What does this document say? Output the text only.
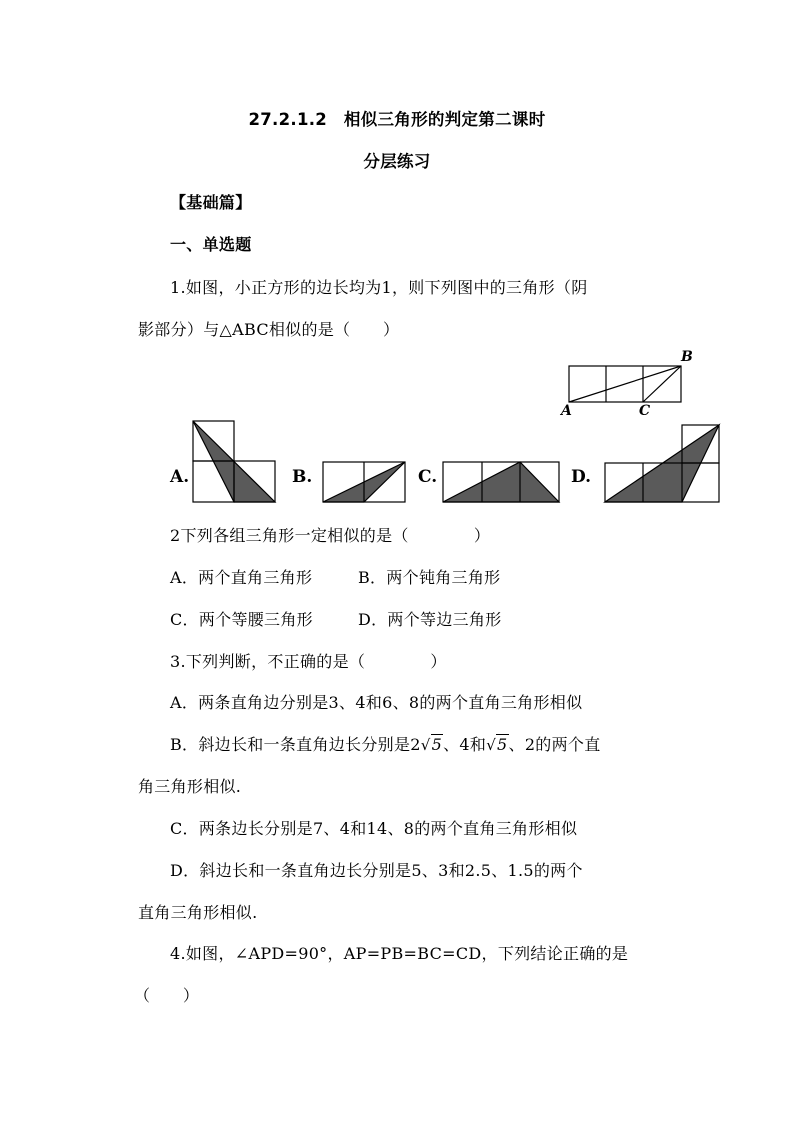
27.2.1.2　相似三角形的判定第二课时
分层练习
【基础篇】
一、单选题
1.如图，小正方形的边长均为1，则下列图中的三角形（阴
影部分）与△ABC相似的是（　　）
B
A	C
A.	B.	C.	D.
2下列各组三角形一定相似的是（　　　　）
A．两个直角三角形	B．两个钝角三角形
C．两个等腰三角形	D．两个等边三角形
3.下列判断，不正确的是（　　　　）
A．两条直角边分别是3、4和6、8的两个直角三角形相似
B．斜边长和一条直角边长分别是2√5、4和√5、2的两个直
角三角形相似.
C．两条边长分别是7、4和14、8的两个直角三角形相似
D．斜边长和一条直角边长分别是5、3和2.5、1.5的两个
直角三角形相似.
4.如图，∠APD=90°，AP=PB=BC=CD，下列结论正确的是
（　　）
